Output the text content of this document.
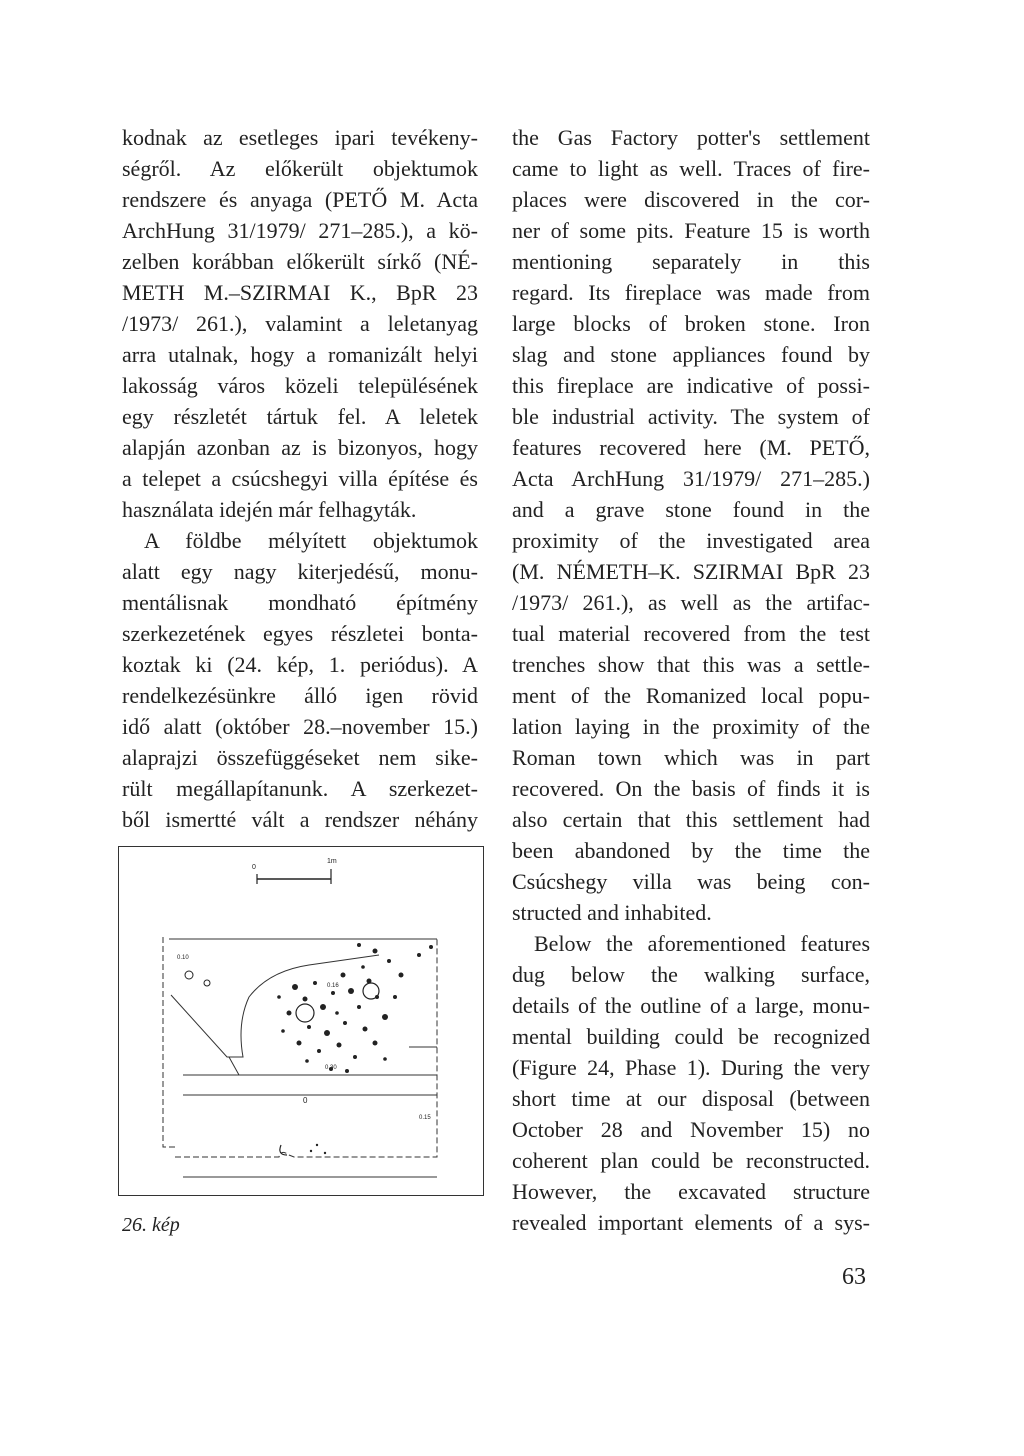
kodnak az esetleges ipari tevékeny-
ségről. Az előkerült objektumok
rendszere és anyaga (PETŐ M. Acta
ArchHung 31/1979/ 271–285.), a kö-
zelben korábban előkerült sírkő (NÉ-
METH M.–SZIRMAI K., BpR 23
/1973/ 261.), valamint a leletanyag
arra utalnak, hogy a romanizált helyi
lakosság város közeli településének
egy részletét tártuk fel. A leletek
alapján azonban az is bizonyos, hogy
a telepet a csúcshegyi villa építése és
használata idején már felhagyták.
A földbe mélyített objektumok
alatt egy nagy kiterjedésű, monu-
mentálisnak mondható építmény
szerkezetének egyes részletei bonta-
koztak ki (24. kép, 1. periódus). A
rendelkezésünkre álló igen rövid
idő alatt (október 28.–november 15.)
alaprajzi összefüggéseket nem sike-
rült megállapítanunk. A szerkezet-
ből ismertté vált a rendszer néhány
the Gas Factory potter's settlement
came to light as well. Traces of fire-
places were discovered in the cor-
ner of some pits. Feature 15 is worth
mentioning separately in this
regard. Its fireplace was made from
large blocks of broken stone. Iron
slag and stone appliances found by
this fireplace are indicative of possi-
ble industrial activity. The system of
features recovered here (M. PETŐ,
Acta ArchHung 31/1979/ 271–285.)
and a grave stone found in the
proximity of the investigated area
(M. NÉMETH–K. SZIRMAI BpR 23
/1973/ 261.), as well as the artifac-
tual material recovered from the test
trenches show that this was a settle-
ment of the Romanized local popu-
lation laying in the proximity of the
Roman town which was in part
recovered. On the basis of finds it is
also certain that this settlement had
been abandoned by the time the
Csúcshegy villa was being con-
structed and inhabited.
Below the aforementioned features
dug below the walking surface,
details of the outline of a large, monu-
mental building could be recognized
(Figure 24, Phase 1). During the very
short time at our disposal (between
October 28 and November 15) no
coherent plan could be reconstructed.
However, the excavated structure
revealed important elements of a sys-
0
1m
0.10
0.16
0.15
0.30
0
26. kép
63
